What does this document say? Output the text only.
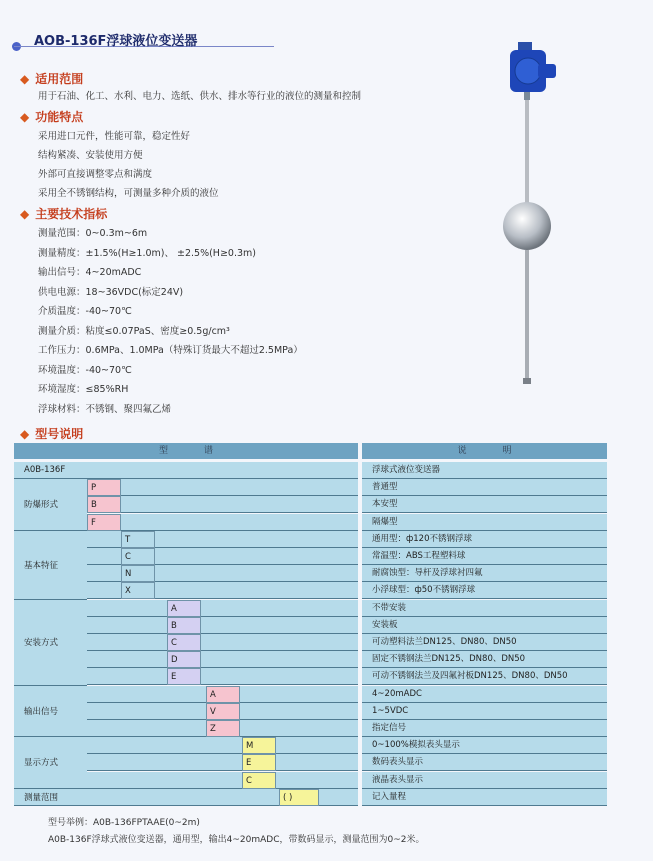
AOB-136F浮球液位变送器
◆ 适用范围
用于石油、化工、水利、电力、选纸、供水、排水等行业的液位的测量和控制
◆ 功能特点
采用进口元件，性能可靠，稳定性好
结构紧凑、安装使用方便
外部可直接调整零点和满度
采用全不锈钢结构，可测量多种介质的液位
◆ 主要技术指标
测量范围：0~0.3m~6m
测量精度：±1.5%(H≥1.0m)、 ±2.5%(H≥0.3m)
输出信号：4~20mADC
供电电源：18~36VDC(标定24V)
介质温度：-40~70℃
测量介质：粘度≤0.07PaS、密度≥0.5g/cm³
工作压力：0.6MPa、1.0MPa（特殊订货最大不超过2.5MPa）
环境温度：-40~70℃
环境湿度：≤85%RH
浮球材料：不锈钢、聚四氟乙烯
◆ 型号说明
型　　　　谱	说　　　　明
A0B-136F	浮球式液位变送器
防爆形式
P	普通型
B	本安型
F	隔爆型
基本特征
T	通用型：ф120不锈钢浮球
C	常温型：ABS工程塑料球
N	耐腐蚀型：导杆及浮球衬四氟
X	小浮球型：ф50不锈钢浮球
安装方式
A	不带安装
B	安装板
C	可动塑料法兰DN125、DN80、DN50
D	固定不锈钢法兰DN125、DN80、DN50
E	可动不锈钢法兰及四氟衬板DN125、DN80、DN50
输出信号
A	4~20mADC
V	1~5VDC
Z	指定信号
显示方式
M	0~100%模拟表头显示
E	数码表头显示
C	液晶表头显示
测量范围	( )	记入量程
型号举例：A0B-136FPTAAE(0~2m)
A0B-136F浮球式液位变送器，通用型，输出4~20mADC，带数码显示，测量范围为0~2米。
